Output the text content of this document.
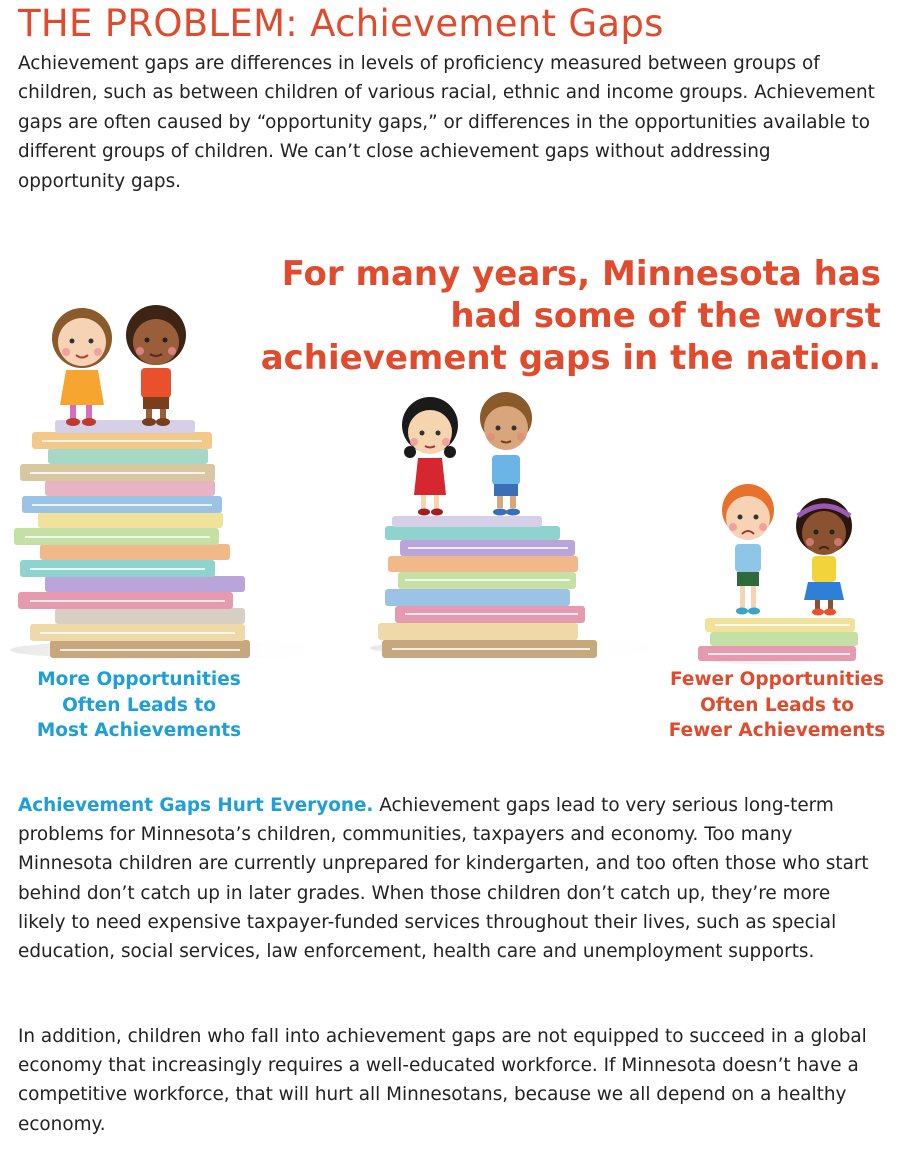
THE PROBLEM: Achievement Gaps

Achievement gaps are differences in levels of proficiency measured between groups of children, such as between children of various racial, ethnic and income groups. Achievement gaps are often caused by “opportunity gaps,” or differences in the opportunities available to different groups of children. We can’t close achievement gaps without addressing opportunity gaps.

For many years, Minnesota has had some of the worst achievement gaps in the nation.

More Opportunities
Often Leads to
Most Achievements
Fewer Opportunities
Often Leads to
Fewer Achievements

Achievement Gaps Hurt Everyone. Achievement gaps lead to very serious long-term problems for Minnesota’s children, communities, taxpayers and economy. Too many Minnesota children are currently unprepared for kindergarten, and too often those who start behind don’t catch up in later grades. When those children don’t catch up, they’re more likely to need expensive taxpayer-funded services throughout their lives, such as special education, social services, law enforcement, health care and unemployment supports.

In addition, children who fall into achievement gaps are not equipped to succeed in a global economy that increasingly requires a well-educated workforce. If Minnesota doesn’t have a competitive workforce, that will hurt all Minnesotans, because we all depend on a healthy economy.
